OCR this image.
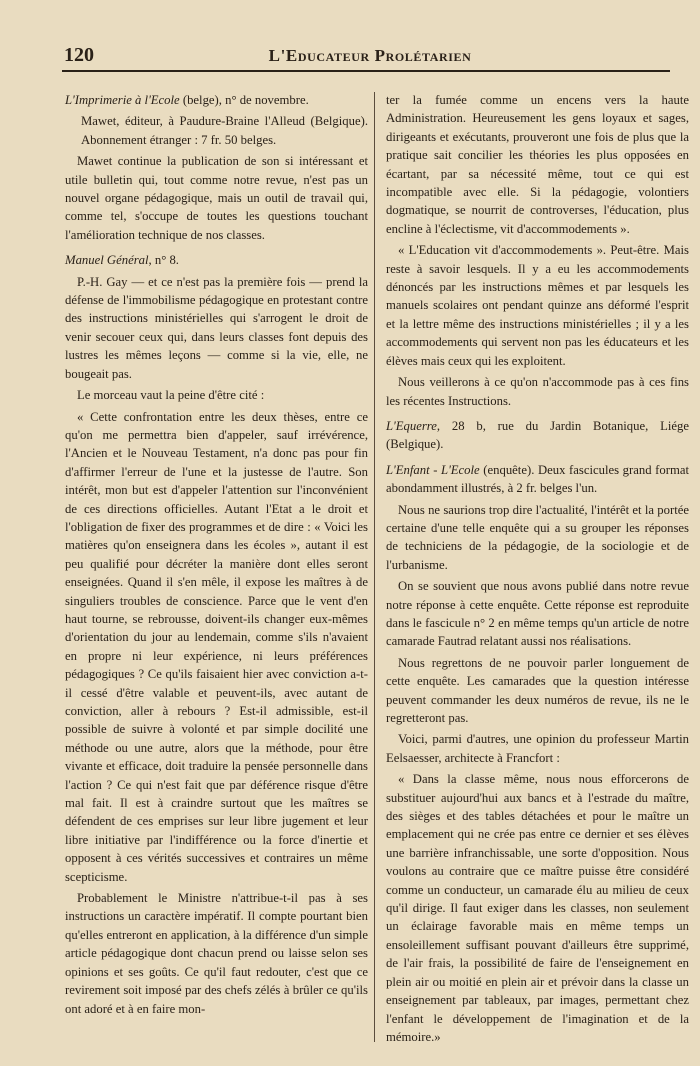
120	L'Educateur Prolétarien

L'Imprimerie à l'Ecole (belge), n° de novembre.

Mawet, éditeur, à Paudure-Braine l'Alleud (Belgique). Abonnement étranger : 7 fr. 50 belges.

Mawet continue la publication de son si intéressant et utile bulletin qui, tout comme notre revue, n'est pas un nouvel organe pédagogique, mais un outil de travail qui, comme tel, s'occupe de toutes les questions touchant l'amélioration technique de nos classes.

Manuel Général, n° 8.

P.-H. Gay — et ce n'est pas la première fois — prend la défense de l'immobilisme pédagogique en protestant contre des instructions ministérielles qui s'arrogent le droit de venir secouer ceux qui, dans leurs classes font depuis des lustres les mêmes leçons — comme si la vie, elle, ne bougeait pas.

Le morceau vaut la peine d'être cité :

« Cette confrontation entre les deux thèses, entre ce qu'on me permettra bien d'appeler, sauf irrévérence, l'Ancien et le Nouveau Testament, n'a donc pas pour fin d'affirmer l'erreur de l'une et la justesse de l'autre. Son intérêt, mon but est d'appeler l'attention sur l'inconvénient de ces directions officielles. Autant l'Etat a le droit et l'obligation de fixer des programmes et de dire : « Voici les matières qu'on enseignera dans les écoles », autant il est peu qualifié pour décréter la manière dont elles seront enseignées. Quand il s'en mêle, il expose les maîtres à de singuliers troubles de conscience. Parce que le vent d'en haut tourne, se rebrousse, doivent-ils changer eux-mêmes d'orientation du jour au lendemain, comme s'ils n'avaient en propre ni leur expérience, ni leurs préférences pédagogiques ? Ce qu'ils faisaient hier avec conviction a-t-il cessé d'être valable et peuvent-ils, avec autant de conviction, aller à rebours ? Est-il admissible, est-il possible de suivre à volonté et par simple docilité une méthode ou une autre, alors que la méthode, pour être vivante et efficace, doit traduire la pensée personnelle dans l'action ? Ce qui n'est fait que par déférence risque d'être mal fait. Il est à craindre surtout que les maîtres se défendent de ces emprises sur leur libre jugement et leur libre initiative par l'indifférence ou la force d'inertie et opposent à ces vérités successives et contraires un même scepticisme.

Probablement le Ministre n'attribue-t-il pas à ses instructions un caractère impératif. Il compte pourtant bien qu'elles entreront en application, à la différence d'un simple article pédagogique dont chacun prend ou laisse selon ses opinions et ses goûts. Ce qu'il faut redouter, c'est que ce revirement soit imposé par des chefs zélés à brûler ce qu'ils ont adoré et à en faire mon-

ter la fumée comme un encens vers la haute Administration. Heureusement les gens loyaux et sages, dirigeants et exécutants, prouveront une fois de plus que la pratique sait concilier les théories les plus opposées en écartant, par sa nécessité même, tout ce qui est incompatible avec elle. Si la pédagogie, volontiers dogmatique, se nourrit de controverses, l'éducation, plus encline à l'éclectisme, vit d'accommodements ».

« L'Education vit d'accommodements ». Peut-être. Mais reste à savoir lesquels. Il y a eu les accommodements dénoncés par les instructions mêmes et par lesquels les manuels scolaires ont pendant quinze ans déformé l'esprit et la lettre même des instructions ministérielles ; il y a les accommodements qui servent non pas les éducateurs et les élèves mais ceux qui les exploitent.

Nous veillerons à ce qu'on n'accommode pas à ces fins les récentes Instructions.

L'Equerre, 28 b, rue du Jardin Botanique, Liége (Belgique).

L'Enfant - L'Ecole (enquête). Deux fascicules grand format abondamment illustrés, à 2 fr. belges l'un.

Nous ne saurions trop dire l'actualité, l'intérêt et la portée certaine d'une telle enquête qui a su grouper les réponses de techniciens de la pédagogie, de la sociologie et de l'urbanisme.

On se souvient que nous avons publié dans notre revue notre réponse à cette enquête. Cette réponse est reproduite dans le fascicule n° 2 en même temps qu'un article de notre camarade Fautrad relatant aussi nos réalisations.

Nous regrettons de ne pouvoir parler longuement de cette enquête. Les camarades que la question intéresse peuvent commander les deux numéros de revue, ils ne le regretteront pas.

Voici, parmi d'autres, une opinion du professeur Martin Eelsaesser, architecte à Francfort :

« Dans la classe même, nous nous efforcerons de substituer aujourd'hui aux bancs et à l'estrade du maître, des sièges et des tables détachées et pour le maître un emplacement qui ne crée pas entre ce dernier et ses élèves une barrière infranchissable, une sorte d'opposition. Nous voulons au contraire que ce maître puisse être considéré comme un conducteur, un camarade élu au milieu de ceux qu'il dirige. Il faut exiger dans les classes, non seulement un éclairage favorable mais en même temps un ensoleillement suffisant pouvant d'ailleurs être supprimé, de l'air frais, la possibilité de faire de l'enseignement en plein air ou moitié en plein air et prévoir dans la classe un enseignement par tableaux, par images, permettant chez l'enfant le développement de l'imagination et de la mémoire.»
